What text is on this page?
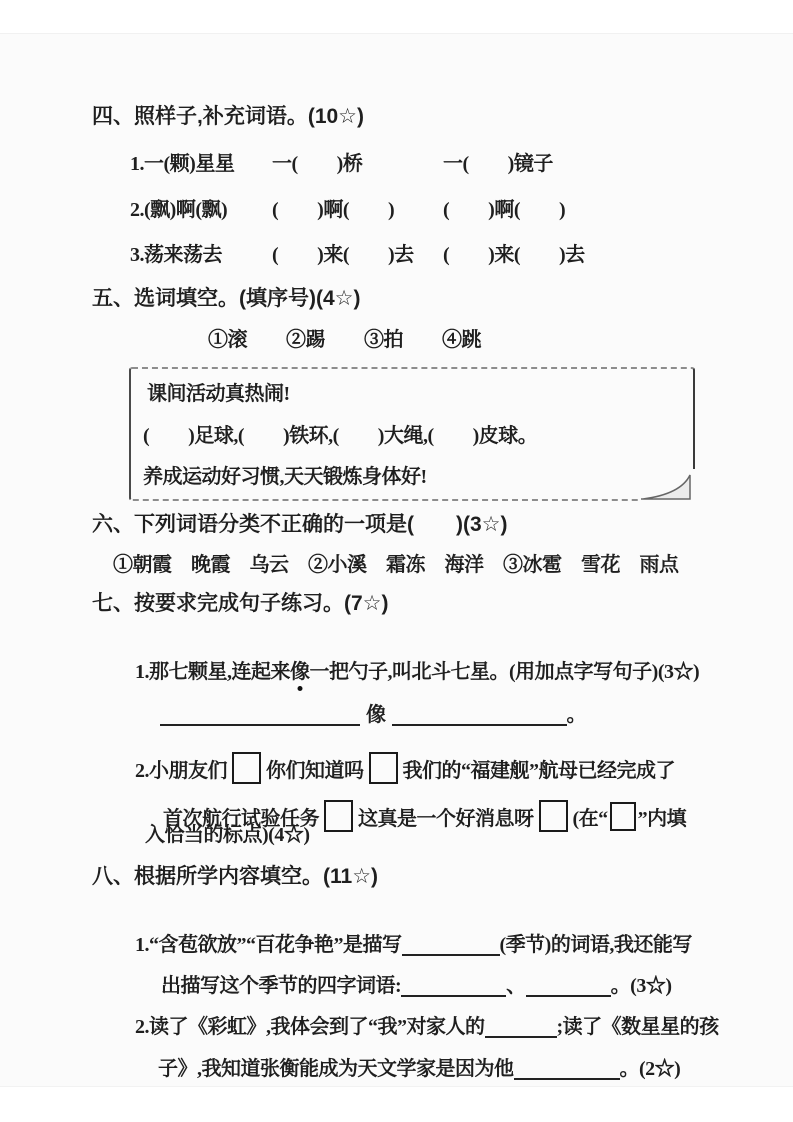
四、照样子,补充词语。(10☆)
1.一(颗)星星 一(　　)桥	一(　　)镜子
2.(飘)啊(飘) (　　)啊(　　) (　　)啊(　　)
3.荡来荡去	(　　)来(　　)去 (　　)来(　　)去
五、选词填空。(填序号)(4☆)
①滚　　②踢　　③拍　　④跳
课间活动真热闹!
(　　)足球,(　　)铁环,(　　)大绳,(　　)皮球。
养成运动好习惯,天天锻炼身体好!
六、下列词语分类不正确的一项是(　　)(3☆)
①朝霞　晚霞　乌云　②小溪　霜冻　海洋　③冰雹　雪花　雨点
七、按要求完成句子练习。(7☆)

1.那七颗星,连起来像一把勺子,叫北斗七星。(用加点字写句子)(3☆)

像	。

2.小朋友们 你们知道吗 我们的“福建舰”航母已经完成了

首次航行试验任务 这真是一个好消息呀 (在“ ”内填

入恰当的标点)(4☆)
八、根据所学内容填空。(11☆)

1.“含苞欲放”“百花争艳”是描写	(季节)的词语,我还能写

出描写这个季节的四字词语:	、	。(3☆)

2.读了《彩虹》,我体会到了“我”对家人的	;读了《数星星的孩

子》,我知道张衡能成为天文学家是因为他	。(2☆)
